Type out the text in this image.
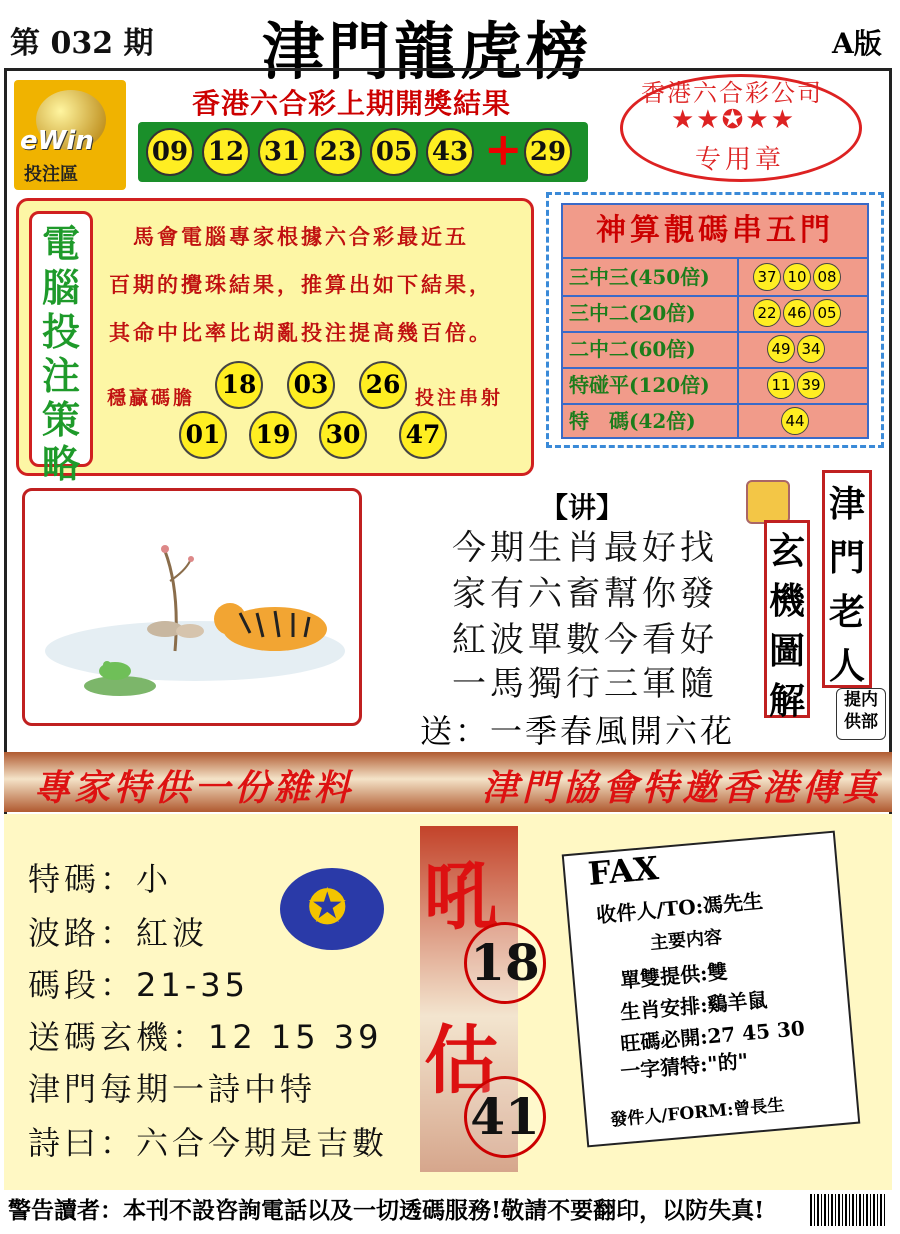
第 032 期 津門龍虎榜	A版
eWin
投注區
香港六合彩上期開獎結果
09 12 31 23 05 43 + 29
香港六合彩公司
★★✪★★
专用章
電
腦
投
注
策
略
馬會電腦專家根據六合彩最近五
百期的攪珠結果，推算出如下結果，
其命中比率比胡亂投注提高幾百倍。
穩贏碼膽 18 03 26 投注串射
01 19 30 47
神算靚碼串五門
三中三(450倍)	37 10 08
三中二(20倍)	22 46 05
二中二(60倍)	49 34
特碰平(120倍)	11 39
特　碼(42倍)	44
【讲】
今期生肖最好找
家有六畜幫你發
紅波單數今看好
一馬獨行三軍隨
送：一季春風開六花
玄
機
圖
解
津
門
老
人
提内
供部
專家特供一份雜料	津門協會特邀香港傳真
特碼：小
波路：紅波
碼段：21-35
送碼玄機：12 15 39
津門每期一詩中特
詩曰：六合今期是吉數
✪ 吼
18
估
41
FAX
收件人/TO:馮先生
主要内容
單雙提供:雙
生肖安排:鷄羊鼠
旺碼必開:27 45 30
一字猜特:"的"
發件人/FORM:曾長生
警告讀者：本刊不設咨詢電話以及一切透碼服務!敬請不要翻印，以防失真!
